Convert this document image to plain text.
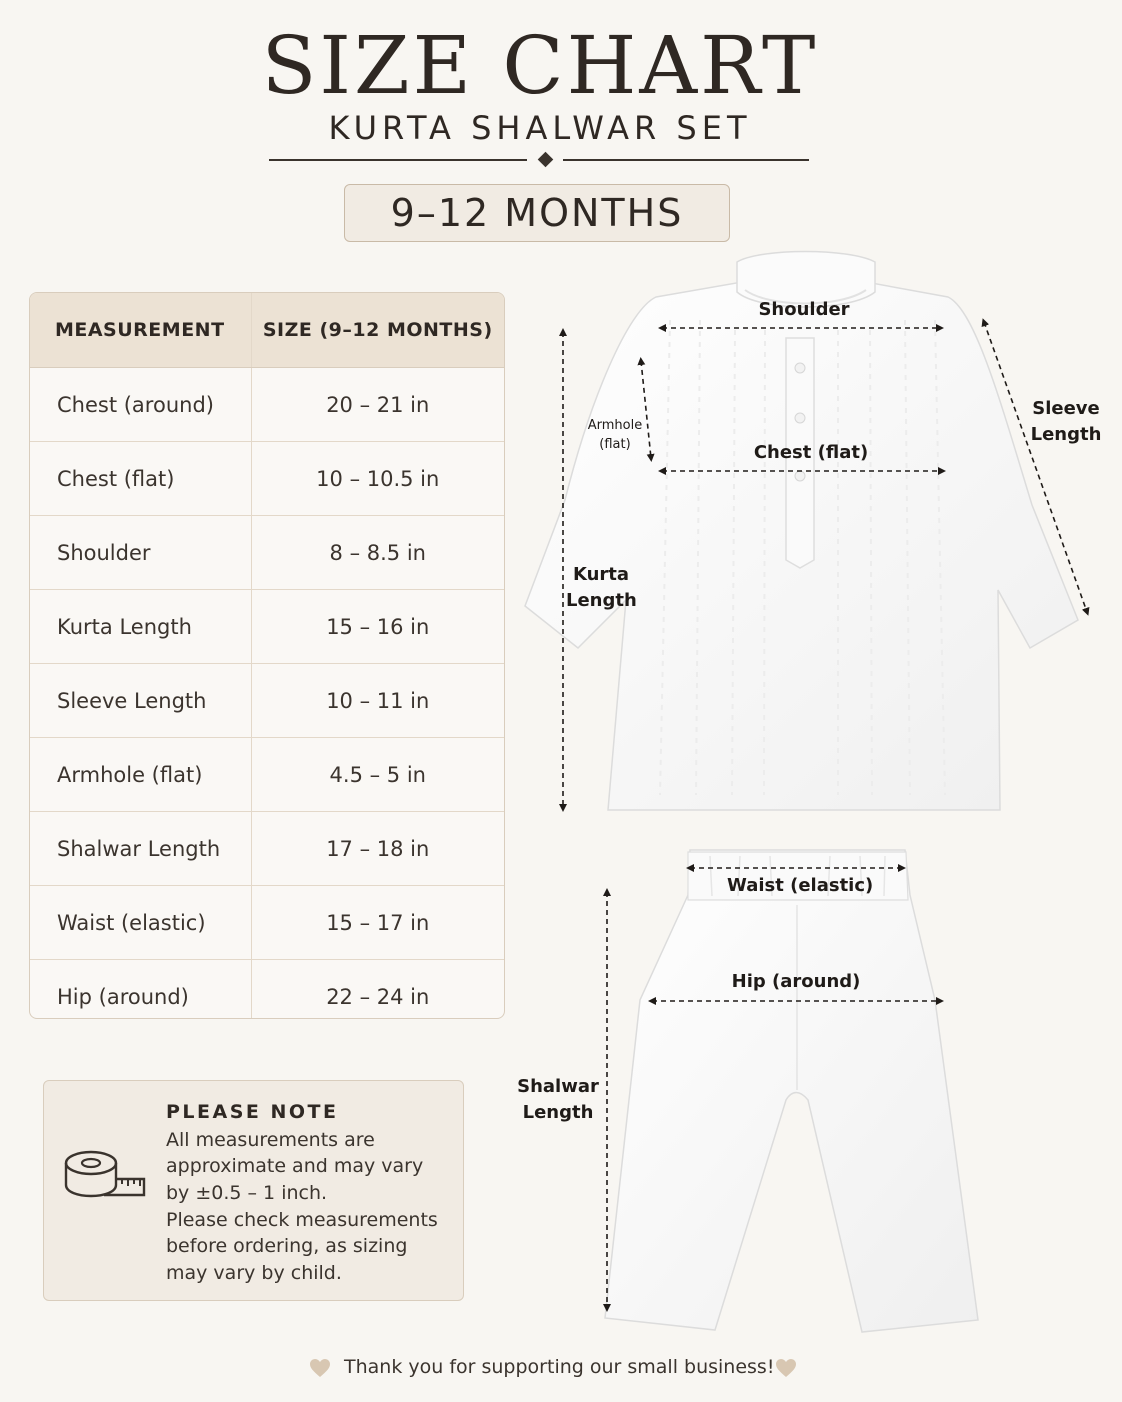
SIZE CHART
KURTA SHALWAR SET
9–12 MONTHS
MEASUREMENT	SIZE (9–12 MONTHS)
Chest (around)	20 – 21 in
Chest (flat)	10 – 10.5 in
Shoulder	8 – 8.5 in
Kurta Length	15 – 16 in
Sleeve Length	10 – 11 in
Armhole (flat)	4.5 – 5 in
Shalwar Length	17 – 18 in
Waist (elastic)	15 – 17 in
Hip (around)	22 – 24 in
PLEASE NOTE
All measurements are
approximate and may vary
by ±0.5 – 1 inch.
Please check measurements
before ordering, as sizing
may vary by child.
Shoulder
Sleeve
Length
Armhole
(flat)	Chest (flat)
Kurta
Length
Waist (elastic)
Hip (around)
Shalwar
Length
Thank you for supporting our small business!
